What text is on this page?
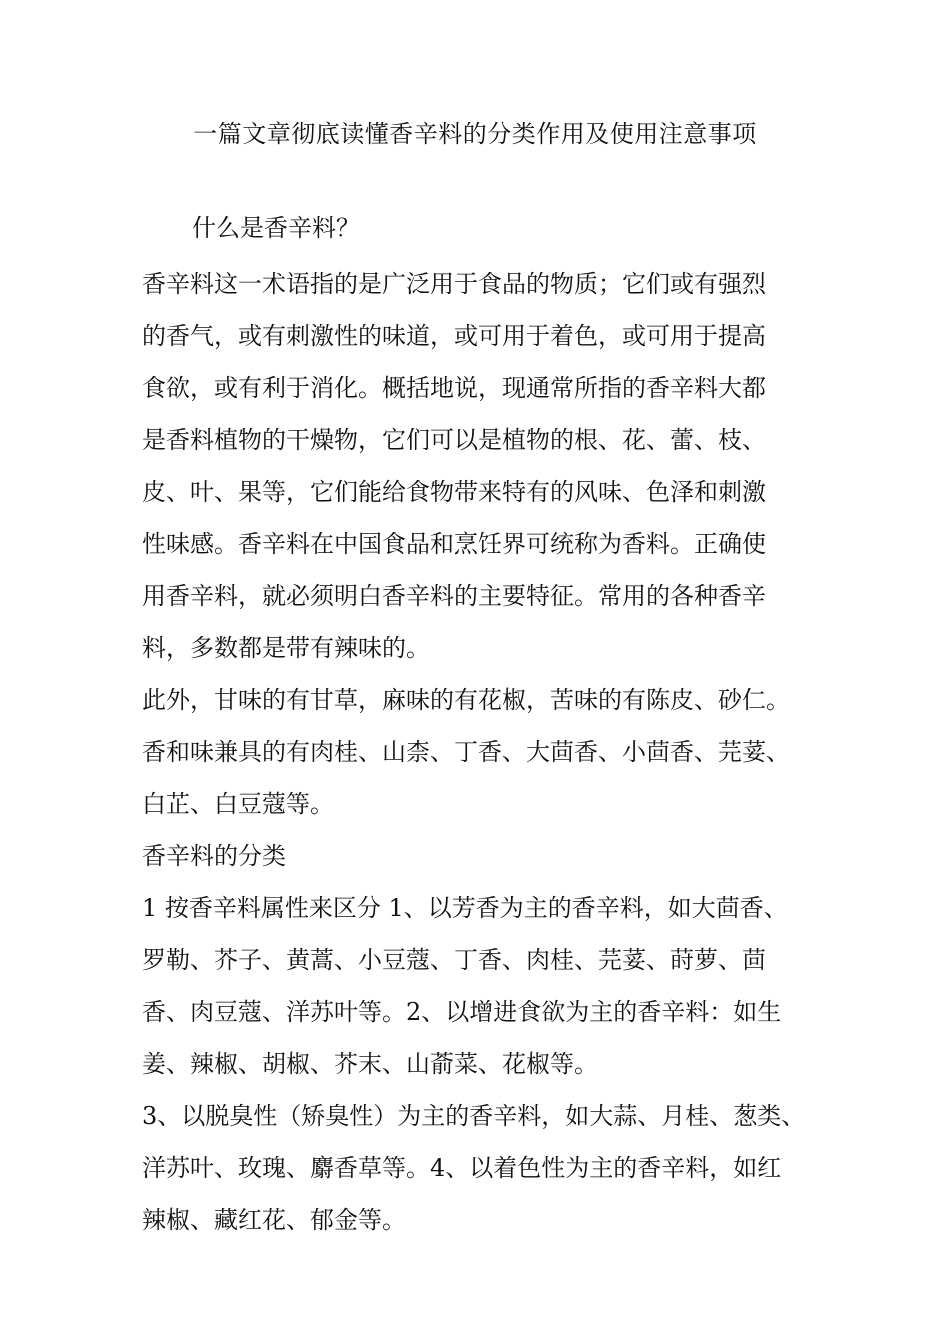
一篇文章彻底读懂香辛料的分类作用及使用注意事项
什么是香辛料？
香辛料这一术语指的是广泛用于食品的物质；它们或有强烈
的香气，或有刺激性的味道，或可用于着色，或可用于提高
食欲，或有利于消化。概括地说，现通常所指的香辛料大都
是香料植物的干燥物，它们可以是植物的根、花、蕾、枝、
皮、叶、果等，它们能给食物带来特有的风味、色泽和刺激
性味感。香辛料在中国食品和烹饪界可统称为香料。正确使
用香辛料，就必须明白香辛料的主要特征。常用的各种香辛
料，多数都是带有辣味的。
此外，甘味的有甘草，麻味的有花椒，苦味的有陈皮、砂仁。
香和味兼具的有肉桂、山柰、丁香、大茴香、小茴香、芫荽、
白芷、白豆蔻等。
香辛料的分类
1 按香辛料属性来区分 1、以芳香为主的香辛料，如大茴香、
罗勒、芥子、黄蒿、小豆蔻、丁香、肉桂、芫荽、莳萝、茴
香、肉豆蔻、洋苏叶等。2、以增进食欲为主的香辛料：如生
姜、辣椒、胡椒、芥末、山萮菜、花椒等。
3、以脱臭性（矫臭性）为主的香辛料，如大蒜、月桂、葱类、
洋苏叶、玫瑰、麝香草等。4、以着色性为主的香辛料，如红
辣椒、藏红花、郁金等。
